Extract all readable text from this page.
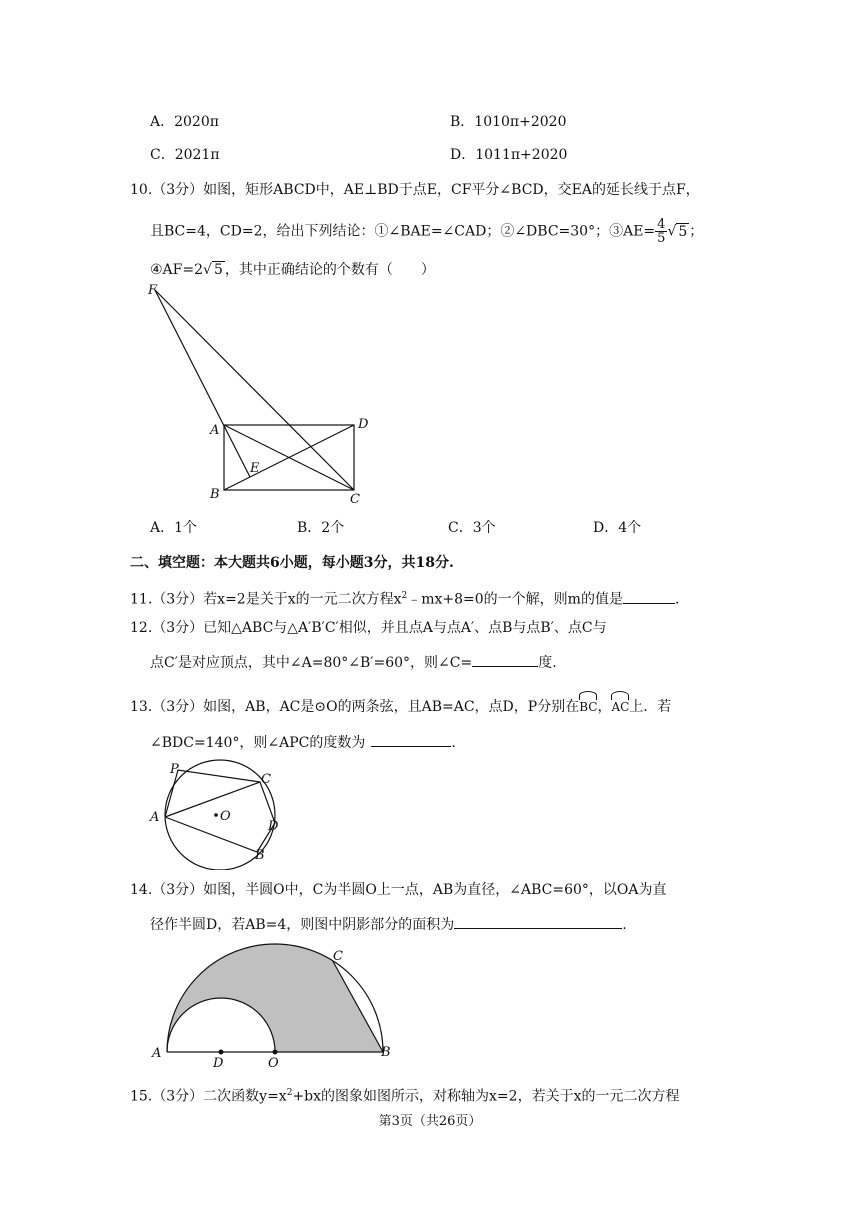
A．2020π	B．1010π+2020
C．2021π	D．1011π+2020
10.（3分）如图，矩形ABCD中，AE⊥BD于点E，CF平分∠BCD，交EA的延长线于点F，
且BC=4，CD=2，给出下列结论：①∠BAE=∠CAD；②∠DBC=30°；③AE= $\frac{4}{5}$ √ 5 ；
④AF=2√ 5 ，其中正确结论的个数有（　　）
F
A	D
E
B	C
A．1个	B．2个	C．3个	D．4个
二、填空题：本大题共6小题，每小题3分，共18分.
11.（3分）若x=2是关于x的一元二次方程$x^2﹣mx+8=0$的一个解，则m的值是	.
12.（3分）已知△ABC与△A′B′C′相似，并且点A与点A′、点B与点B′、点C与
点C′是对应顶点，其中∠A=80°∠B′=60°，则∠C=	度.
13.（3分）如图，AB，AC是⊙O的两条弦，且AB=AC，点D，P分别在BC，AC上．若
∠BDC=140°，则∠APC的度数为	.
P
C
A	O
D
B
14.（3分）如图，半圆O中，C为半圆O上一点，AB为直径，∠ABC=60°，以OA为直
径作半圆D，若AB=4，则图中阴影部分的面积为	.
C
A
D	O
B
15.（3分）二次函数$y=x^2+bx$的图象如图所示，对称轴为x=2，若关于x的一元二次方程
第3页（共26页）
